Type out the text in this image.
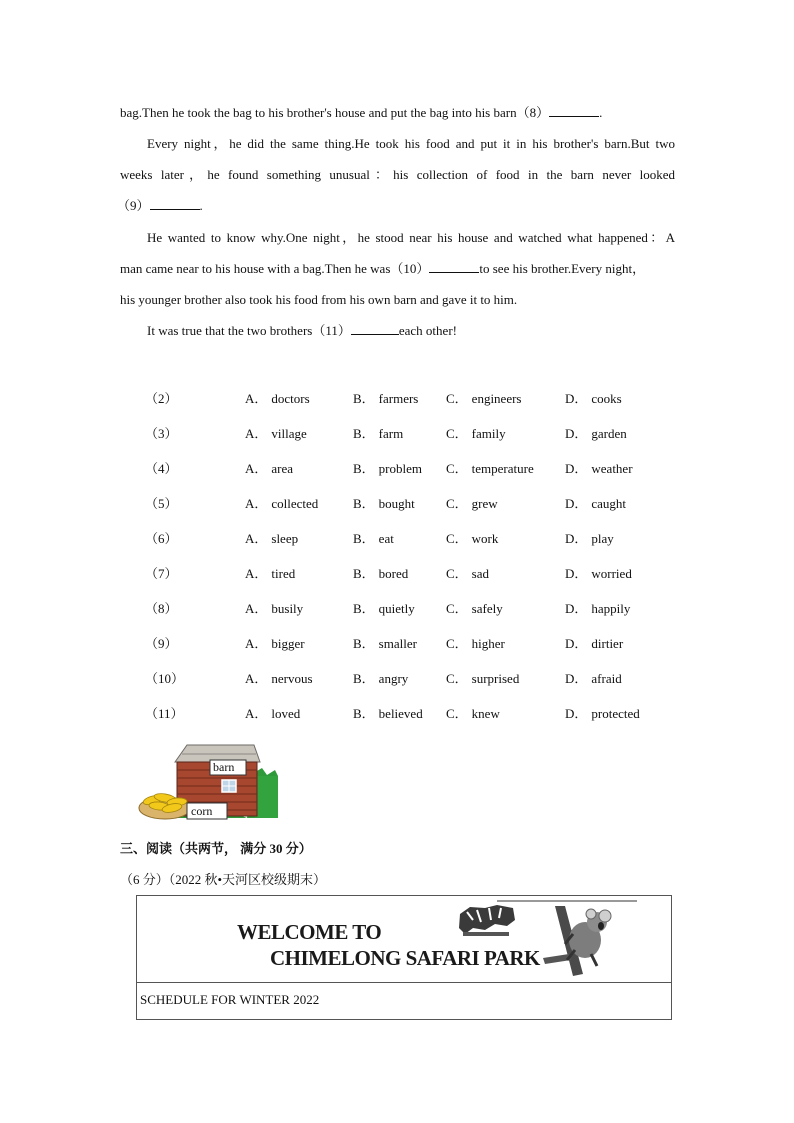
bag.Then he took the bag to his brother's house and put the bag into his barn（8）	.

Every night，he did the same thing.He took his food and put it in his brother's barn.But two

weeks later，he found something unusual：his collection of food in the barn never looked

（9）	.

He wanted to know why.One night，he stood near his house and watched what happened：A

man came near to his house with a bag.Then he was（10）	to see his brother.Every night，

his younger brother also took his food from his own barn and gave it to him.

It was true that the two brothers（11）	each other!

（2）	A． doctors	B． farmers	C． engineers	D． cooks
（3）	A． village	B． farm	C． family	D． garden
（4）	A． area	B． problem	C． temperature	D． weather
（5）	A． collected	B． bought	C． grew	D． caught
（6）	A． sleep	B． eat	C． work	D． play
（7）	A． tired	B． bored	C． sad	D． worried
（8）	A． busily	B． quietly	C． safely	D． happily
（9）	A． bigger	B． smaller	C． higher	D． dirtier
（10）	A． nervous	B． angry	C． surprised	D． afraid
（11）	A． loved	B． believed	C． knew	D． protected
barn
corn
三、阅读（共两节， 满分 30 分）
（6 分）（2022 秋•天河区校级期末）
WELCOME TO
CHIMELONG SAFARI PARK
SCHEDULE FOR WINTER 2022
